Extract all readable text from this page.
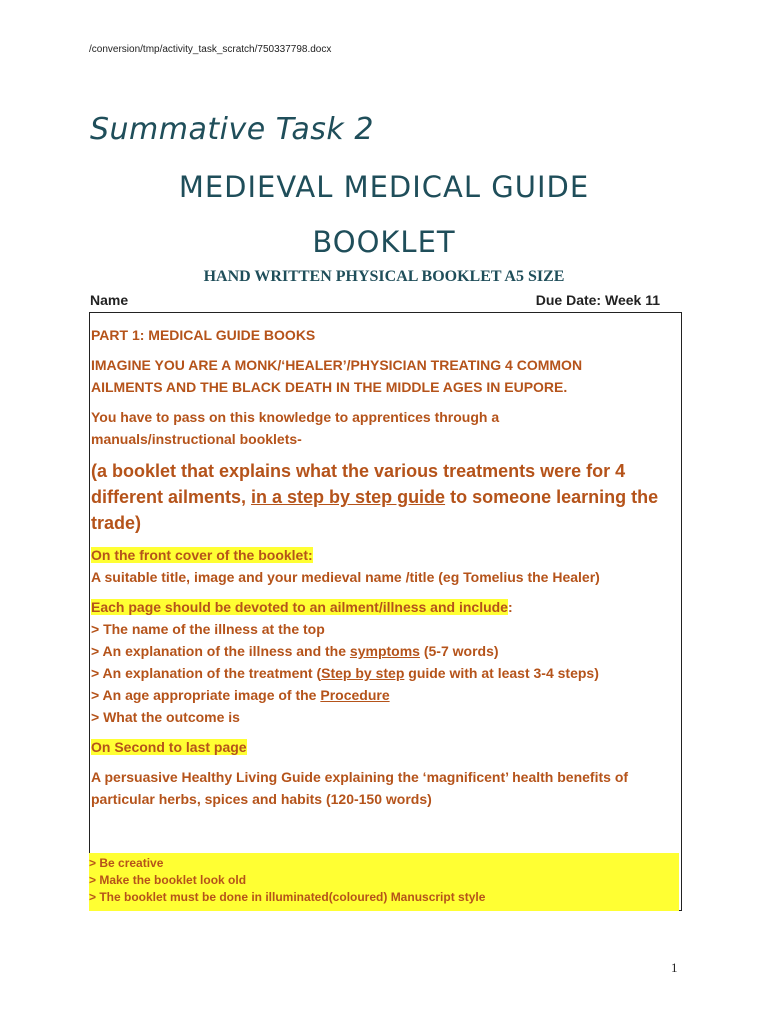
/conversion/tmp/activity_task_scratch/750337798.docx
Summative Task 2
MEDIEVAL MEDICAL GUIDE
BOOKLET
HAND WRITTEN PHYSICAL BOOKLET A5 SIZE
Name	Due Date: Week 11
PART 1: MEDICAL GUIDE BOOKS
IMAGINE YOU ARE A MONK/‘HEALER’/PHYSICIAN TREATING 4 COMMON
AILMENTS AND THE BLACK DEATH IN THE MIDDLE AGES IN EUPORE.
You have to pass on this knowledge to apprentices through a
manuals/instructional booklets-
(a booklet that explains what the various treatments were for 4
different ailments, in a step by step guide to someone learning the
trade)
On the front cover of the booklet:
A suitable title, image and your medieval name /title (eg Tomelius the Healer)
Each page should be devoted to an ailment/illness and include:
> The name of the illness at the top
> An explanation of the illness and the symptoms (5-7 words)
> An explanation of the treatment (Step by step guide with at least 3-4 steps)
> An age appropriate image of the Procedure
> What the outcome is
On Second to last page
A persuasive Healthy Living Guide explaining the ‘magnificent’ health benefits of
particular herbs, spices and habits (120-150 words)
> Be creative
> Make the booklet look old
> The booklet must be done in illuminated(coloured) Manuscript style
1
